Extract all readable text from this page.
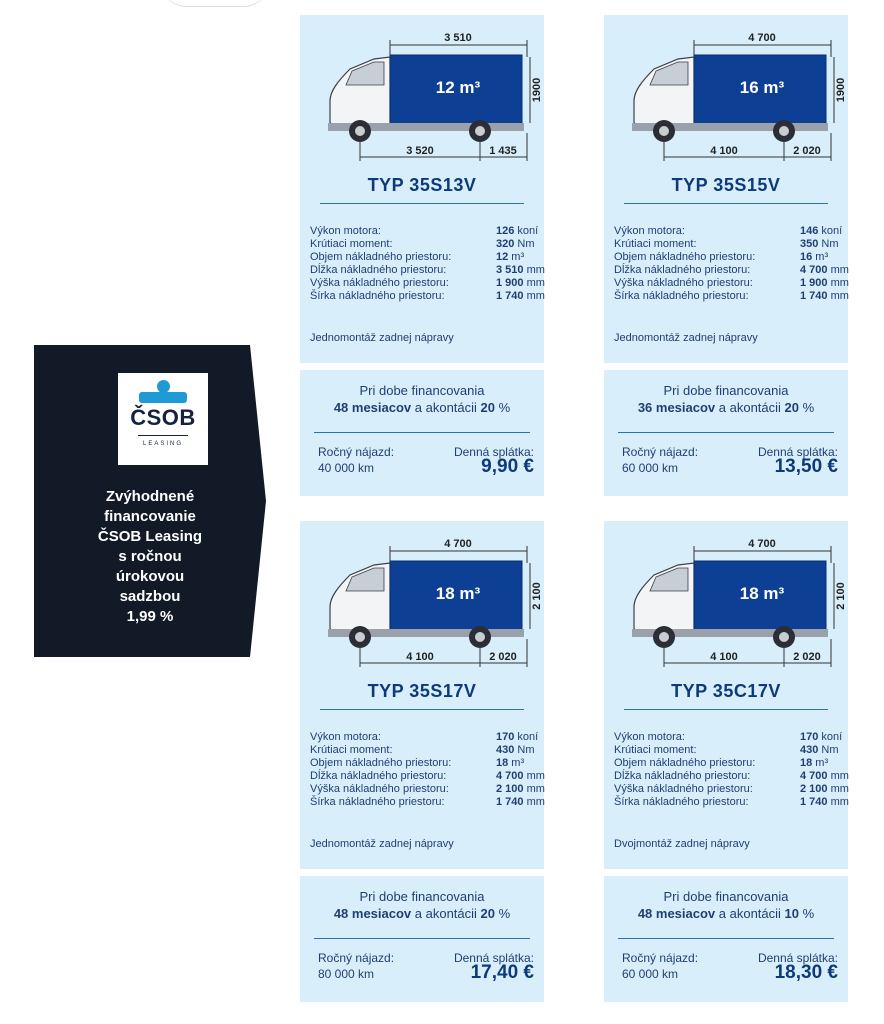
ČSOB
LEASING
Zvýhodnené
financovanie
ČSOB Leasing
s ročnou
úrokovou
sadzbou
1,99 %
3 510
1900
12 m³
3 520	1 435
TYP 35S13V
Výkon motora:	126 koní
Krútiaci moment:	320 Nm
Objem nákladného priestoru:	12 m³
Dĺžka nákladného priestoru:	3 510 mm
Výška nákladného priestoru:	1 900 mm
Šírka nákladného priestoru:	1 740 mm
Jednomontáž zadnej nápravy
Pri dobe financovania
48 mesiacov a akontácii 20 %
Ročný nájazd:
40 000 km
Denná splátka:
9,90 €
4 700
1900
16 m³
4 100	2 020
TYP 35S15V
Výkon motora:	146 koní
Krútiaci moment:	350 Nm
Objem nákladného priestoru:	16 m³
Dĺžka nákladného priestoru:	4 700 mm
Výška nákladného priestoru:	1 900 mm
Šírka nákladného priestoru:	1 740 mm
Jednomontáž zadnej nápravy
Pri dobe financovania
36 mesiacov a akontácii 20 %
Ročný nájazd:
60 000 km
Denná splátka:
13,50 €
4 700
2 100
18 m³
4 100	2 020
TYP 35S17V
Výkon motora:	170 koní
Krútiaci moment:	430 Nm
Objem nákladného priestoru:	18 m³
Dĺžka nákladného priestoru:	4 700 mm
Výška nákladného priestoru:	2 100 mm
Šírka nákladného priestoru:	1 740 mm
Jednomontáž zadnej nápravy
Pri dobe financovania
48 mesiacov a akontácii 20 %
Ročný nájazd:
80 000 km
Denná splátka:
17,40 €
4 700
2 100
18 m³
4 100	2 020
TYP 35C17V
Výkon motora:	170 koní
Krútiaci moment:	430 Nm
Objem nákladného priestoru:	18 m³
Dĺžka nákladného priestoru:	4 700 mm
Výška nákladného priestoru:	2 100 mm
Šírka nákladného priestoru:	1 740 mm
Dvojmontáž zadnej nápravy
Pri dobe financovania
48 mesiacov a akontácii 10 %
Ročný nájazd:
60 000 km
Denná splátka:
18,30 €
